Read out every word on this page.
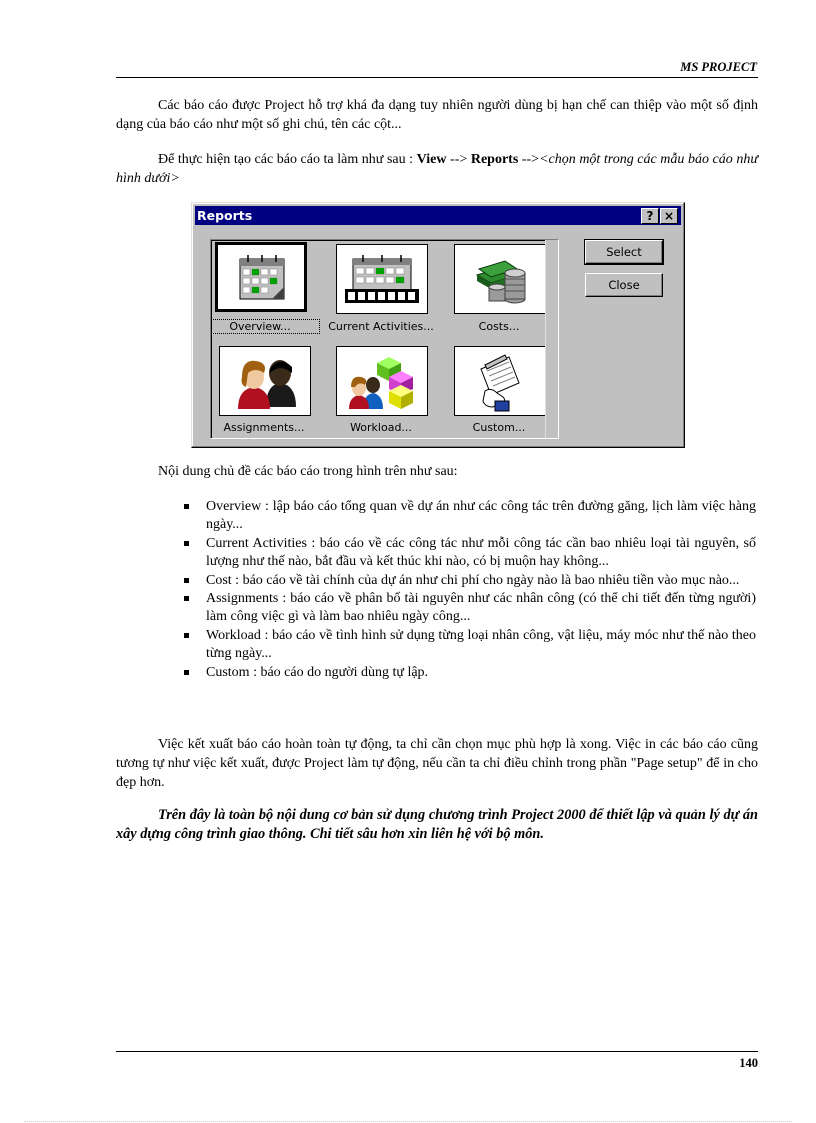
MS PROJECT

Các báo cáo được Project hỗ trợ khá đa dạng tuy nhiên người dùng bị hạn chế can thiệp vào một số định dạng của báo cáo như một số ghi chú, tên các cột...

Để thực hiện tạo các báo cáo ta làm như sau : View --> Reports --><chọn một trong các mẫu báo cáo như hình dưới>

Reports	? ×
Overview...	Current Activities...	Costs...
Assignments...	Workload...	Custom...
Select
Close

Nội dung chủ đề các báo cáo trong hình trên như sau:

Overview : lập báo cáo tổng quan về dự án như các công tác trên đường găng, lịch làm việc hàng ngày...
Current Activities : báo cáo về các công tác như mỗi công tác cần bao nhiêu loại tài nguyên, số lượng như thế nào, bắt đầu và kết thúc khi nào, có bị muộn hay không...
Cost : báo cáo về tài chính của dự án như chi phí cho ngày nào là bao nhiêu tiền vào mục nào...
Assignments : báo cáo về phân bố tài nguyên như các nhân công (có thể chi tiết đến từng người) làm công việc gì và làm bao nhiêu ngày công...
Workload : báo cáo về tình hình sử dụng từng loại nhân công, vật liệu, máy móc như thế nào theo từng ngày...
Custom : báo cáo do người dùng tự lập.

Việc kết xuất báo cáo hoàn toàn tự động, ta chỉ cần chọn mục phù hợp là xong. Việc in các báo cáo cũng tương tự như việc kết xuất, được Project làm tự động, nếu cần ta chỉ điều chỉnh trong phần "Page setup" để in cho đẹp hơn.

Trên đây là toàn bộ nội dung cơ bản sử dụng chương trình Project 2000 để thiết lập và quản lý dự án xây dựng công trình giao thông. Chi tiết sâu hơn xin liên hệ với bộ môn.

140
